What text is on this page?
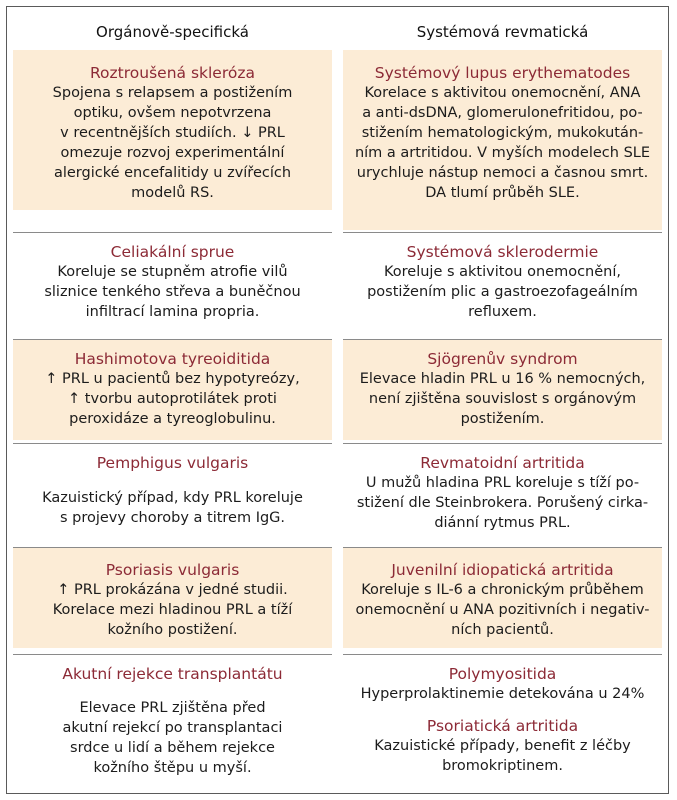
Orgánově-specifická
Roztroušená skleróza
Spojena s relapsem a postižením
optiku, ovšem nepotvrzena
v recentnějších studiích. ↓ PRL
omezuje rozvoj experimentální
alergické encefalitidy u zvířecích
modelů RS.
Celiakální sprue
Koreluje se stupněm atrofie vilů
sliznice tenkého střeva a buněčnou
infiltrací lamina propria.
Hashimotova tyreoiditida
↑ PRL u pacientů bez hypotyreózy,
↑ tvorbu autoprotilátek proti
peroxidáze a tyreoglobulinu.
Pemphigus vulgaris
Kazuistický případ, kdy PRL koreluje
s projevy choroby a titrem IgG.
Psoriasis vulgaris
↑ PRL prokázána v jedné studii.
Korelace mezi hladinou PRL a tíží
kožního postižení.
Akutní rejekce transplantátu
Elevace PRL zjištěna před
akutní rejekcí po transplantaci
srdce u lidí a během rejekce
kožního štěpu u myší.
Systémová revmatická
Systémový lupus erythematodes
Korelace s aktivitou onemocnění, ANA
a anti-dsDNA, glomerulonefritidou, po-
stižením hematologickým, mukokután-
ním a artritidou. V myších modelech SLE
urychluje nástup nemoci a časnou smrt.
DA tlumí průběh SLE.
Systémová sklerodermie
Koreluje s aktivitou onemocnění,
postižením plic a gastroezofageálním
refluxem.
Sjögrenův syndrom
Elevace hladin PRL u 16 % nemocných,
není zjištěna souvislost s orgánovým
postižením.
Revmatoidní artritida
U mužů hladina PRL koreluje s tíží po-
stižení dle Steinbrokera. Porušený cirka-
diánní rytmus PRL.
Juvenilní idiopatická artritida
Koreluje s IL-6 a chronickým průběhem
onemocnění u ANA pozitivních i negativ-
ních pacientů.
Polymyositida
Hyperprolaktinemie detekována u 24%
Psoriatická artritida
Kazuistické případy, benefit z léčby
bromokriptinem.
